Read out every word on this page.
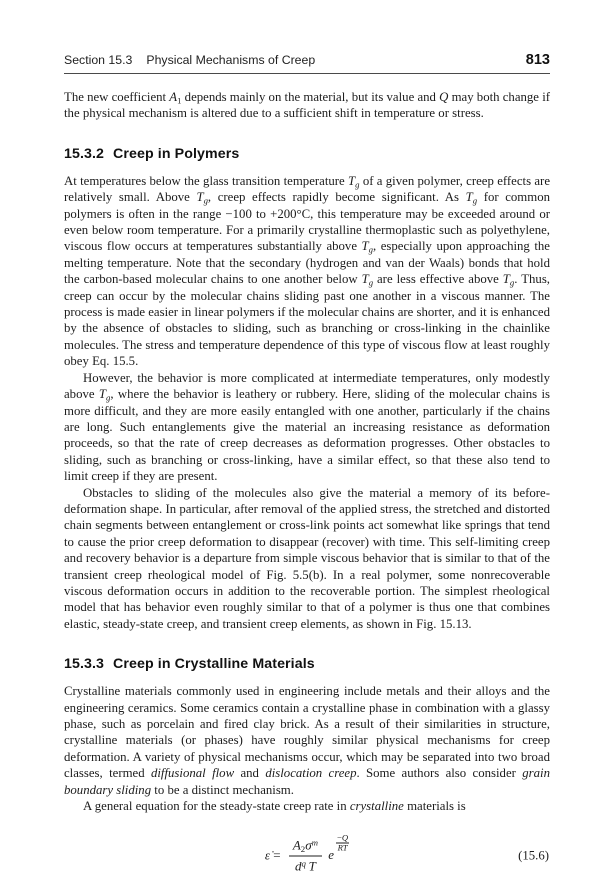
Section 15.3 Physical Mechanisms of Creep	813

The new coefficient $A_1$ depends mainly on the material, but its value and Q may both change if the physical mechanism is altered due to a sufficient shift in temperature or stress.

15.3.2 Creep in Polymers

At temperatures below the glass transition temperature $T_g$ of a given polymer, creep effects are relatively small. Above $T_g$, creep effects rapidly become significant. As $T_g$ for common polymers is often in the range −100 to +200°C, this temperature may be exceeded around or even below room temperature. For a primarily crystalline thermoplastic such as polyethylene, viscous flow occurs at temperatures substantially above $T_g$, especially upon approaching the melting temperature. Note that the secondary (hydrogen and van der Waals) bonds that hold the carbon-based molecular chains to one another below $T_g$ are less effective above $T_g$. Thus, creep can occur by the molecular chains sliding past one another in a viscous manner. The process is made easier in linear polymers if the molecular chains are shorter, and it is enhanced by the absence of obstacles to sliding, such as branching or cross-linking in the chainlike molecules. The stress and temperature dependence of this type of viscous flow at least roughly obey Eq. 15.5.

However, the behavior is more complicated at intermediate temperatures, only modestly above $T_g$, where the behavior is leathery or rubbery. Here, sliding of the molecular chains is more difficult, and they are more easily entangled with one another, particularly if the chains are long. Such entanglements give the material an increasing resistance as deformation proceeds, so that the rate of creep decreases as deformation progresses. Other obstacles to sliding, such as branching or cross-linking, have a similar effect, so that these also tend to limit creep if they are present.

Obstacles to sliding of the molecules also give the material a memory of its before-deformation shape. In particular, after removal of the applied stress, the stretched and distorted chain segments between entanglement or cross-link points act somewhat like springs that tend to cause the prior creep deformation to disappear (recover) with time. This self-limiting creep and recovery behavior is a departure from simple viscous behavior that is similar to that of the transient creep rheological model of Fig. 5.5(b). In a real polymer, some nonrecoverable viscous deformation occurs in addition to the recoverable portion. The simplest rheological model that has behavior even roughly similar to that of a polymer is thus one that combines elastic, steady-state creep, and transient creep elements, as shown in Fig. 15.13.

15.3.3 Creep in Crystalline Materials

Crystalline materials commonly used in engineering include metals and their alloys and the engineering ceramics. Some ceramics contain a crystalline phase in combination with a glassy phase, such as porcelain and fired clay brick. As a result of their similarities in structure, crystalline materials (or phases) have roughly similar physical mechanisms for creep deformation. A variety of physical mechanisms occur, which may be separated into two broad classes, termed diffusional flow and dislocation creep. Some authors also consider grain boundary sliding to be a distinct mechanism.

A general equation for the steady-state creep rate in crystalline materials is

ε̇ = $\frac{A_2\sigma^m}{d^q T}$ e
$\frac{-Q}{RT}$
(15.6)
